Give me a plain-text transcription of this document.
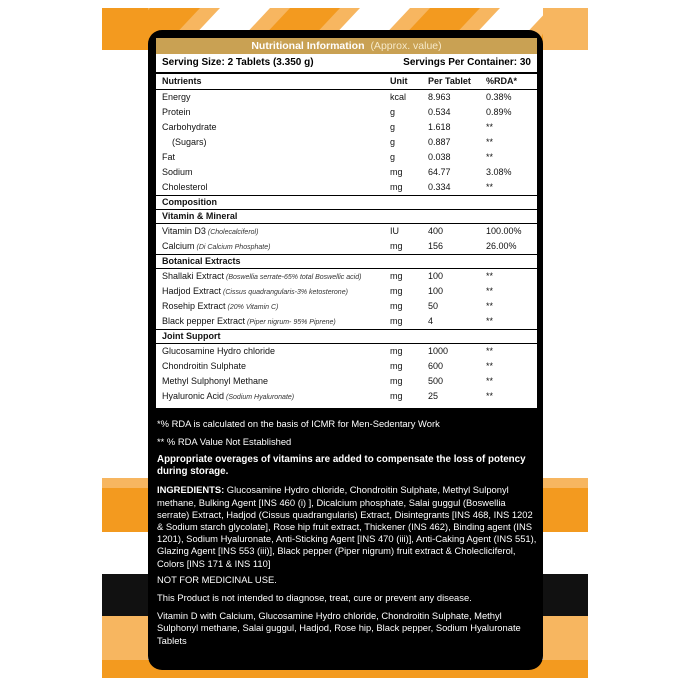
Nutritional Information (Approx. value)
Serving Size: 2 Tablets (3.350 g)	Servings Per Container: 30
Nutrients	Unit	Per Tablet	%RDA*
Energy	kcal	8.963	0.38%
Protein	g	0.534	0.89%
Carbohydrate	g	1.618	**
(Sugars)	g	0.887	**
Fat	g	0.038	**
Sodium	mg	64.77	3.08%
Cholesterol	mg	0.334	**
Composition
Vitamin & Mineral
Vitamin D3 (Cholecalciferol)	IU	400	100.00%
Calcium (Di Calcium Phosphate)	mg	156	26.00%
Botanical Extracts
Shallaki Extract (Boswellia serrate-65% total Boswellic acid)	mg	100	**
Hadjod Extract (Cissus quadrangularis-3% ketosterone)	mg	100	**
Rosehip Extract (20% Vitamin C)	mg	50	**
Black pepper Extract (Piper nigrum- 95% Piprene)	mg	4	**
Joint Support
Glucosamine Hydro chloride	mg	1000	**
Chondroitin Sulphate	mg	600	**
Methyl Sulphonyl Methane	mg	500	**
Hyaluronic Acid (Sodium Hyaluronate)	mg	25	**

*% RDA is calculated on the basis of ICMR for Men-Sedentary Work

** % RDA Value Not Established

Appropriate overages of vitamins are added to compensate the loss of potency during storage.

INGREDIENTS: Glucosamine Hydro chloride, Chondroitin Sulphate, Methyl Sulponyl methane, Bulking Agent [INS 460 (i) ], Dicalcium phosphate, Salai guggul (Boswellia serrate) Extract, Hadjod (Cissus quadrangularis) Extract, Disintegrants [INS 468, INS 1202 & Sodium starch glycolate], Rose hip fruit extract, Thickener (INS 462), Binding agent (INS 1201), Sodium Hyaluronate, Anti-Sticking Agent [INS 470 (iii)], Anti-Caking Agent (INS 551), Glazing Agent [INS 553 (iii)], Black pepper (Piper nigrum) fruit extract & Cholecliciferol, Colors [INS 171 & INS 110]

NOT FOR MEDICINAL USE.

This Product is not intended to diagnose, treat, cure or prevent any disease.

Vitamin D with Calcium, Glucosamine Hydro chloride, Chondroitin Sulphate, Methyl Sulphonyl methane, Salai guggul, Hadjod, Rose hip, Black pepper, Sodium Hyaluronate Tablets
